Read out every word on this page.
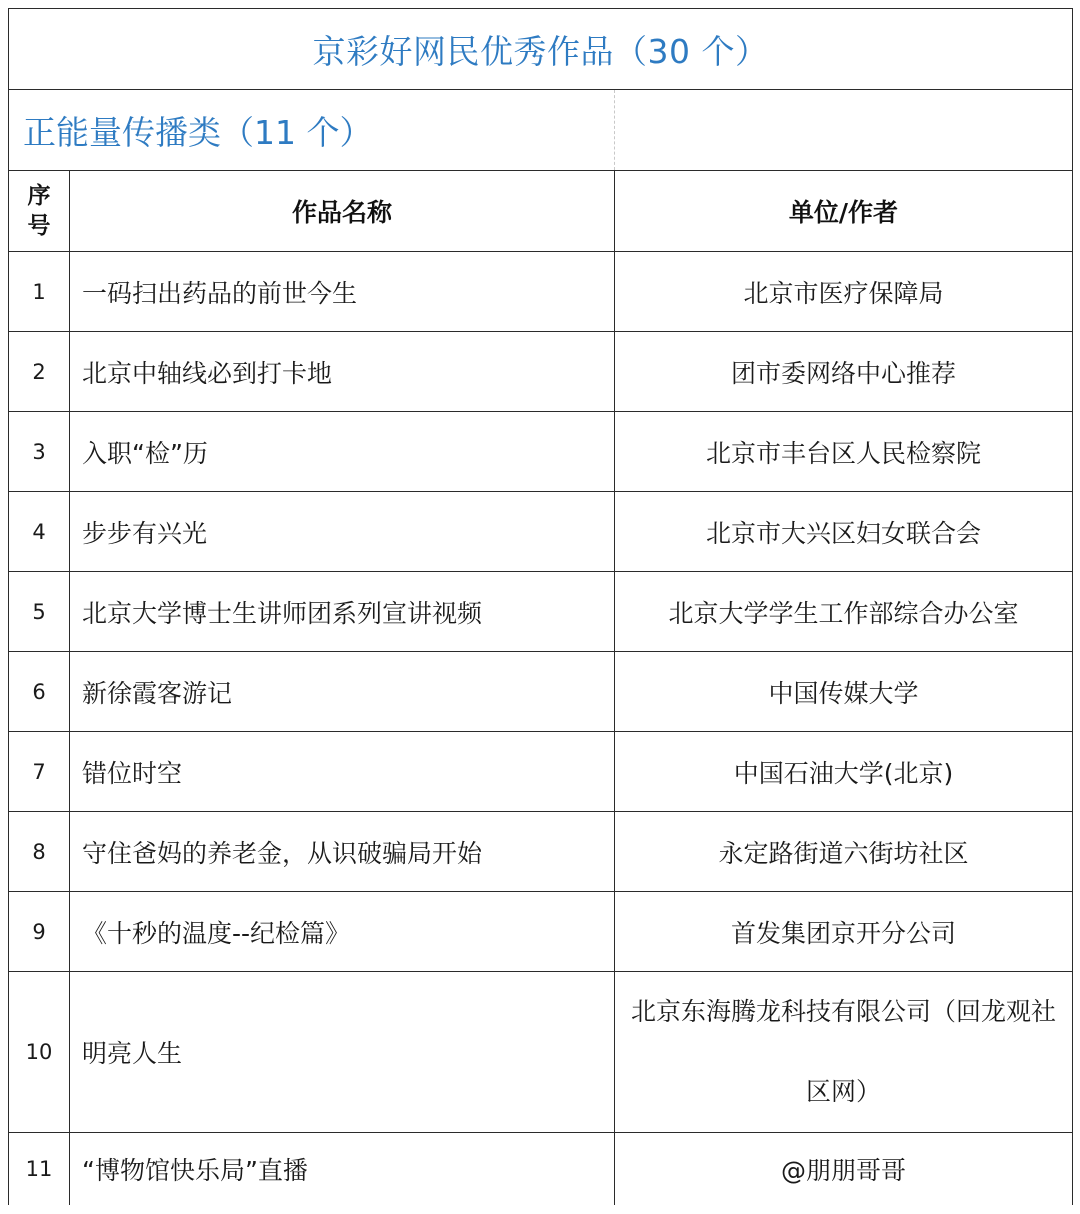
京彩好网民优秀作品（30 个）		
正能量传播类（11 个）		

序
号	作品名称	单位/作者
1	一码扫出药品的前世今生	北京市医疗保障局
2	北京中轴线必到打卡地	团市委网络中心推荐
3	入职“检”历	北京市丰台区人民检察院
4	步步有兴光	北京市大兴区妇女联合会
5	北京大学博士生讲师团系列宣讲视频	北京大学学生工作部综合办公室
6	新徐霞客游记	中国传媒大学
7	错位时空	中国石油大学(北京)
8	守住爸妈的养老金，从识破骗局开始	永定路街道六街坊社区
9	《十秒的温度--纪检篇》	首发集团京开分公司
10	明亮人生	北京东海腾龙科技有限公司（回龙观社区网）
11	“博物馆快乐局”直播	@朋朋哥哥
